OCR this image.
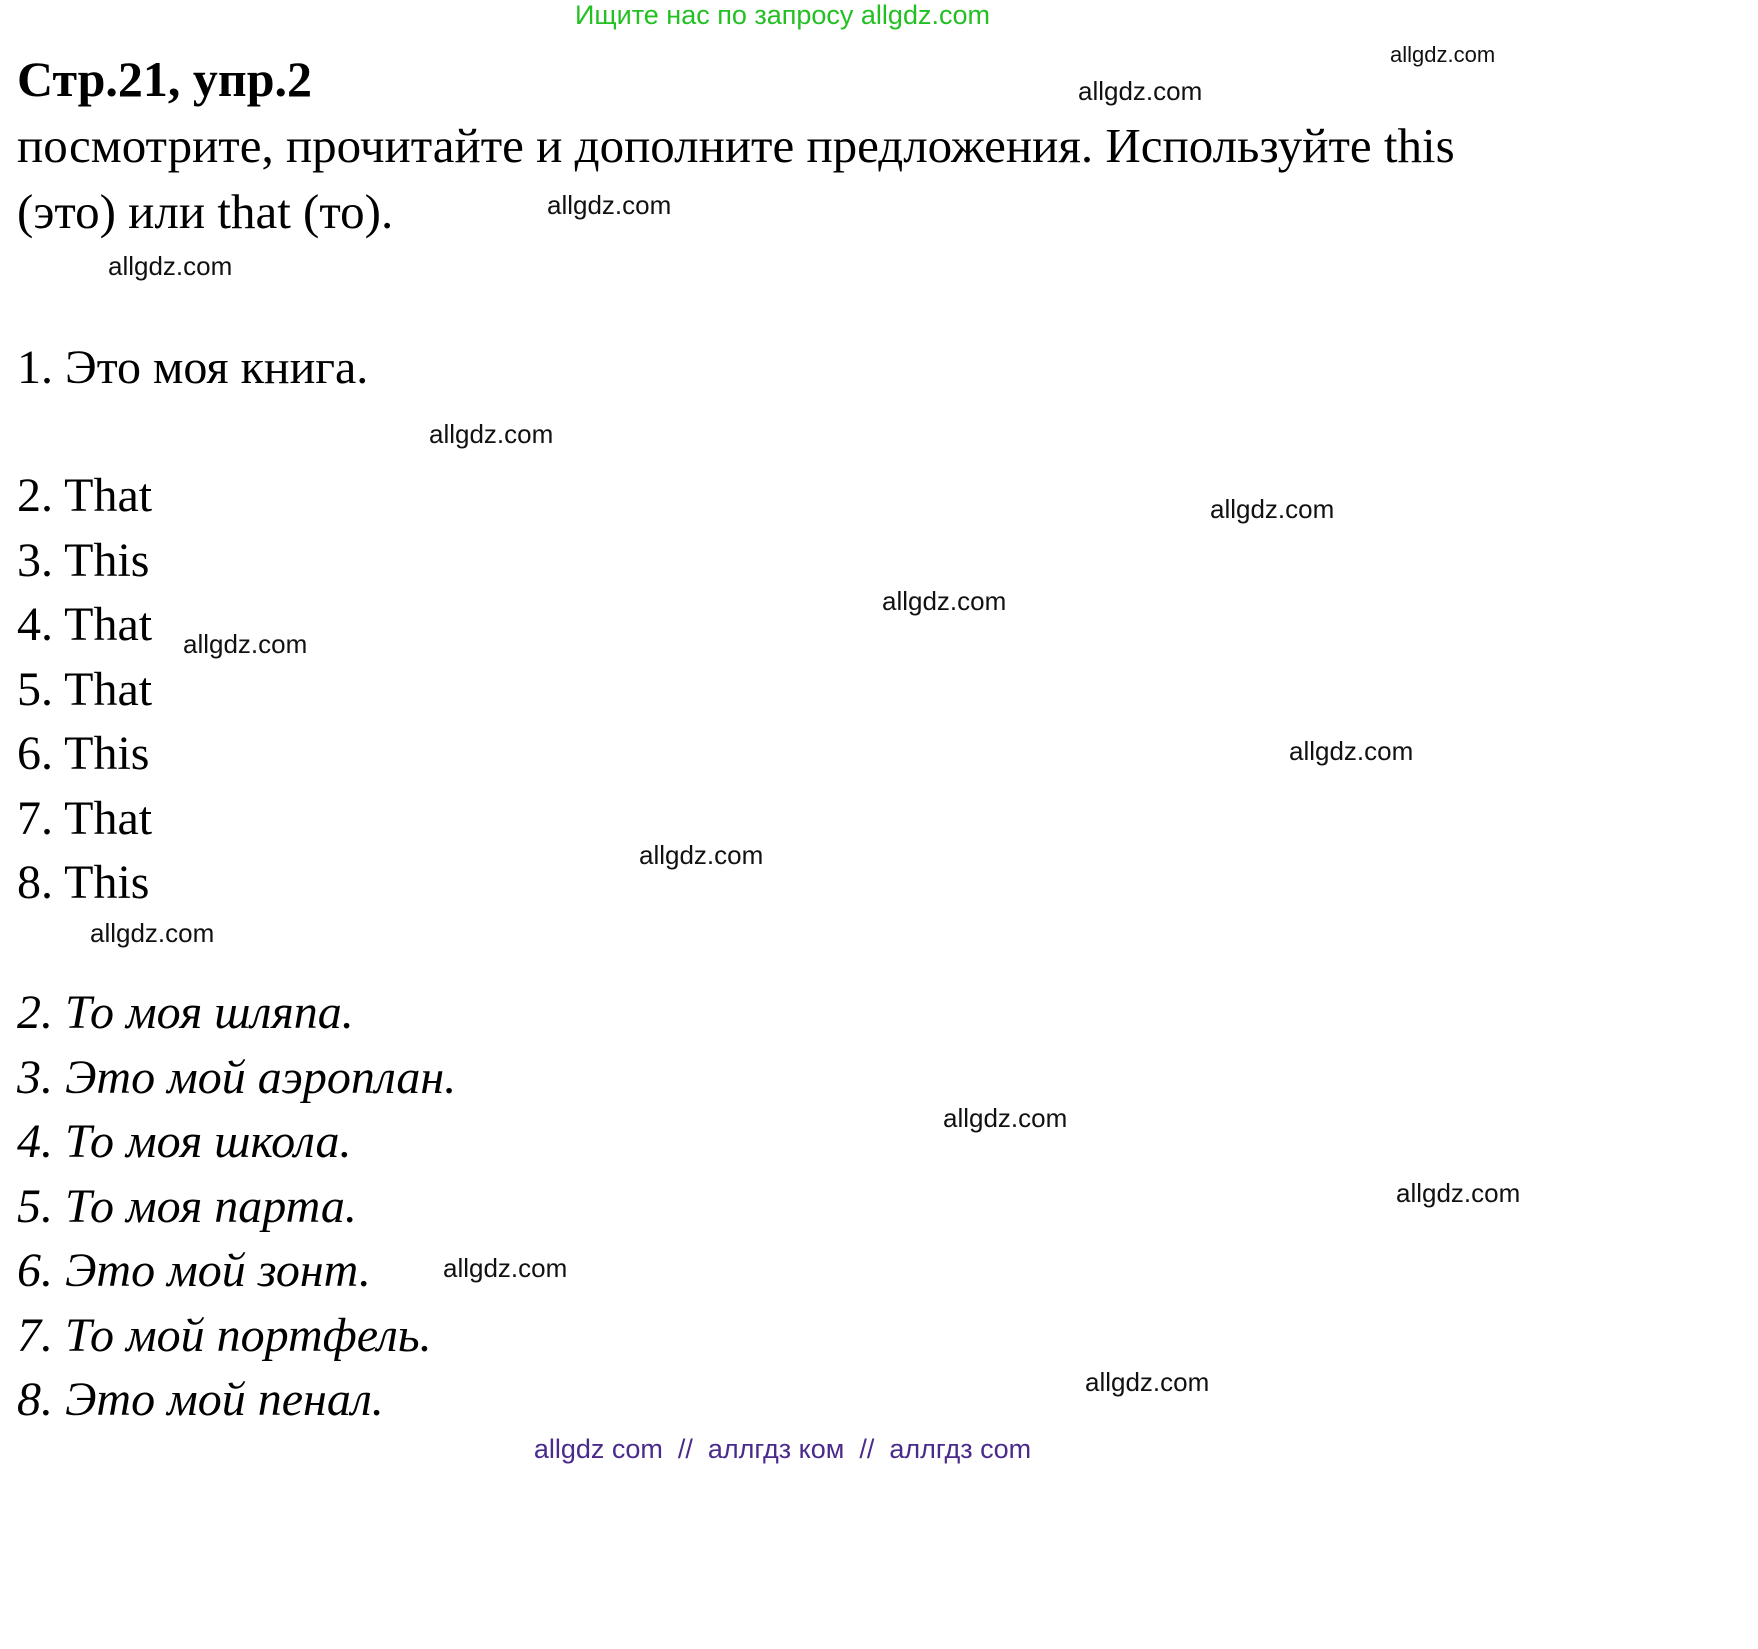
Ищите нас по запросу allgdz.com
Стр.21, упр.2
посмотрите, прочитайте и дополните предложения. Используйте this (это) или that (то).
1. Это моя книга.
2. That
3. This
4. That
5. That
6. This
7. That
8. This
2. То моя шляпа.
3. Это мой аэроплан.
4. То моя школа.
5. То моя парта.
6. Это мой зонт.
7. То мой портфель.
8. Это мой пенал.
allgdz.com
allgdz.com
allgdz.com
allgdz.com
allgdz.com
allgdz.com
allgdz.com
allgdz.com
allgdz.com
allgdz.com
allgdz.com
allgdz.com
allgdz.com
allgdz.com
allgdz.com
allgdz com  //  аллгдз ком  //  аллгдз com
